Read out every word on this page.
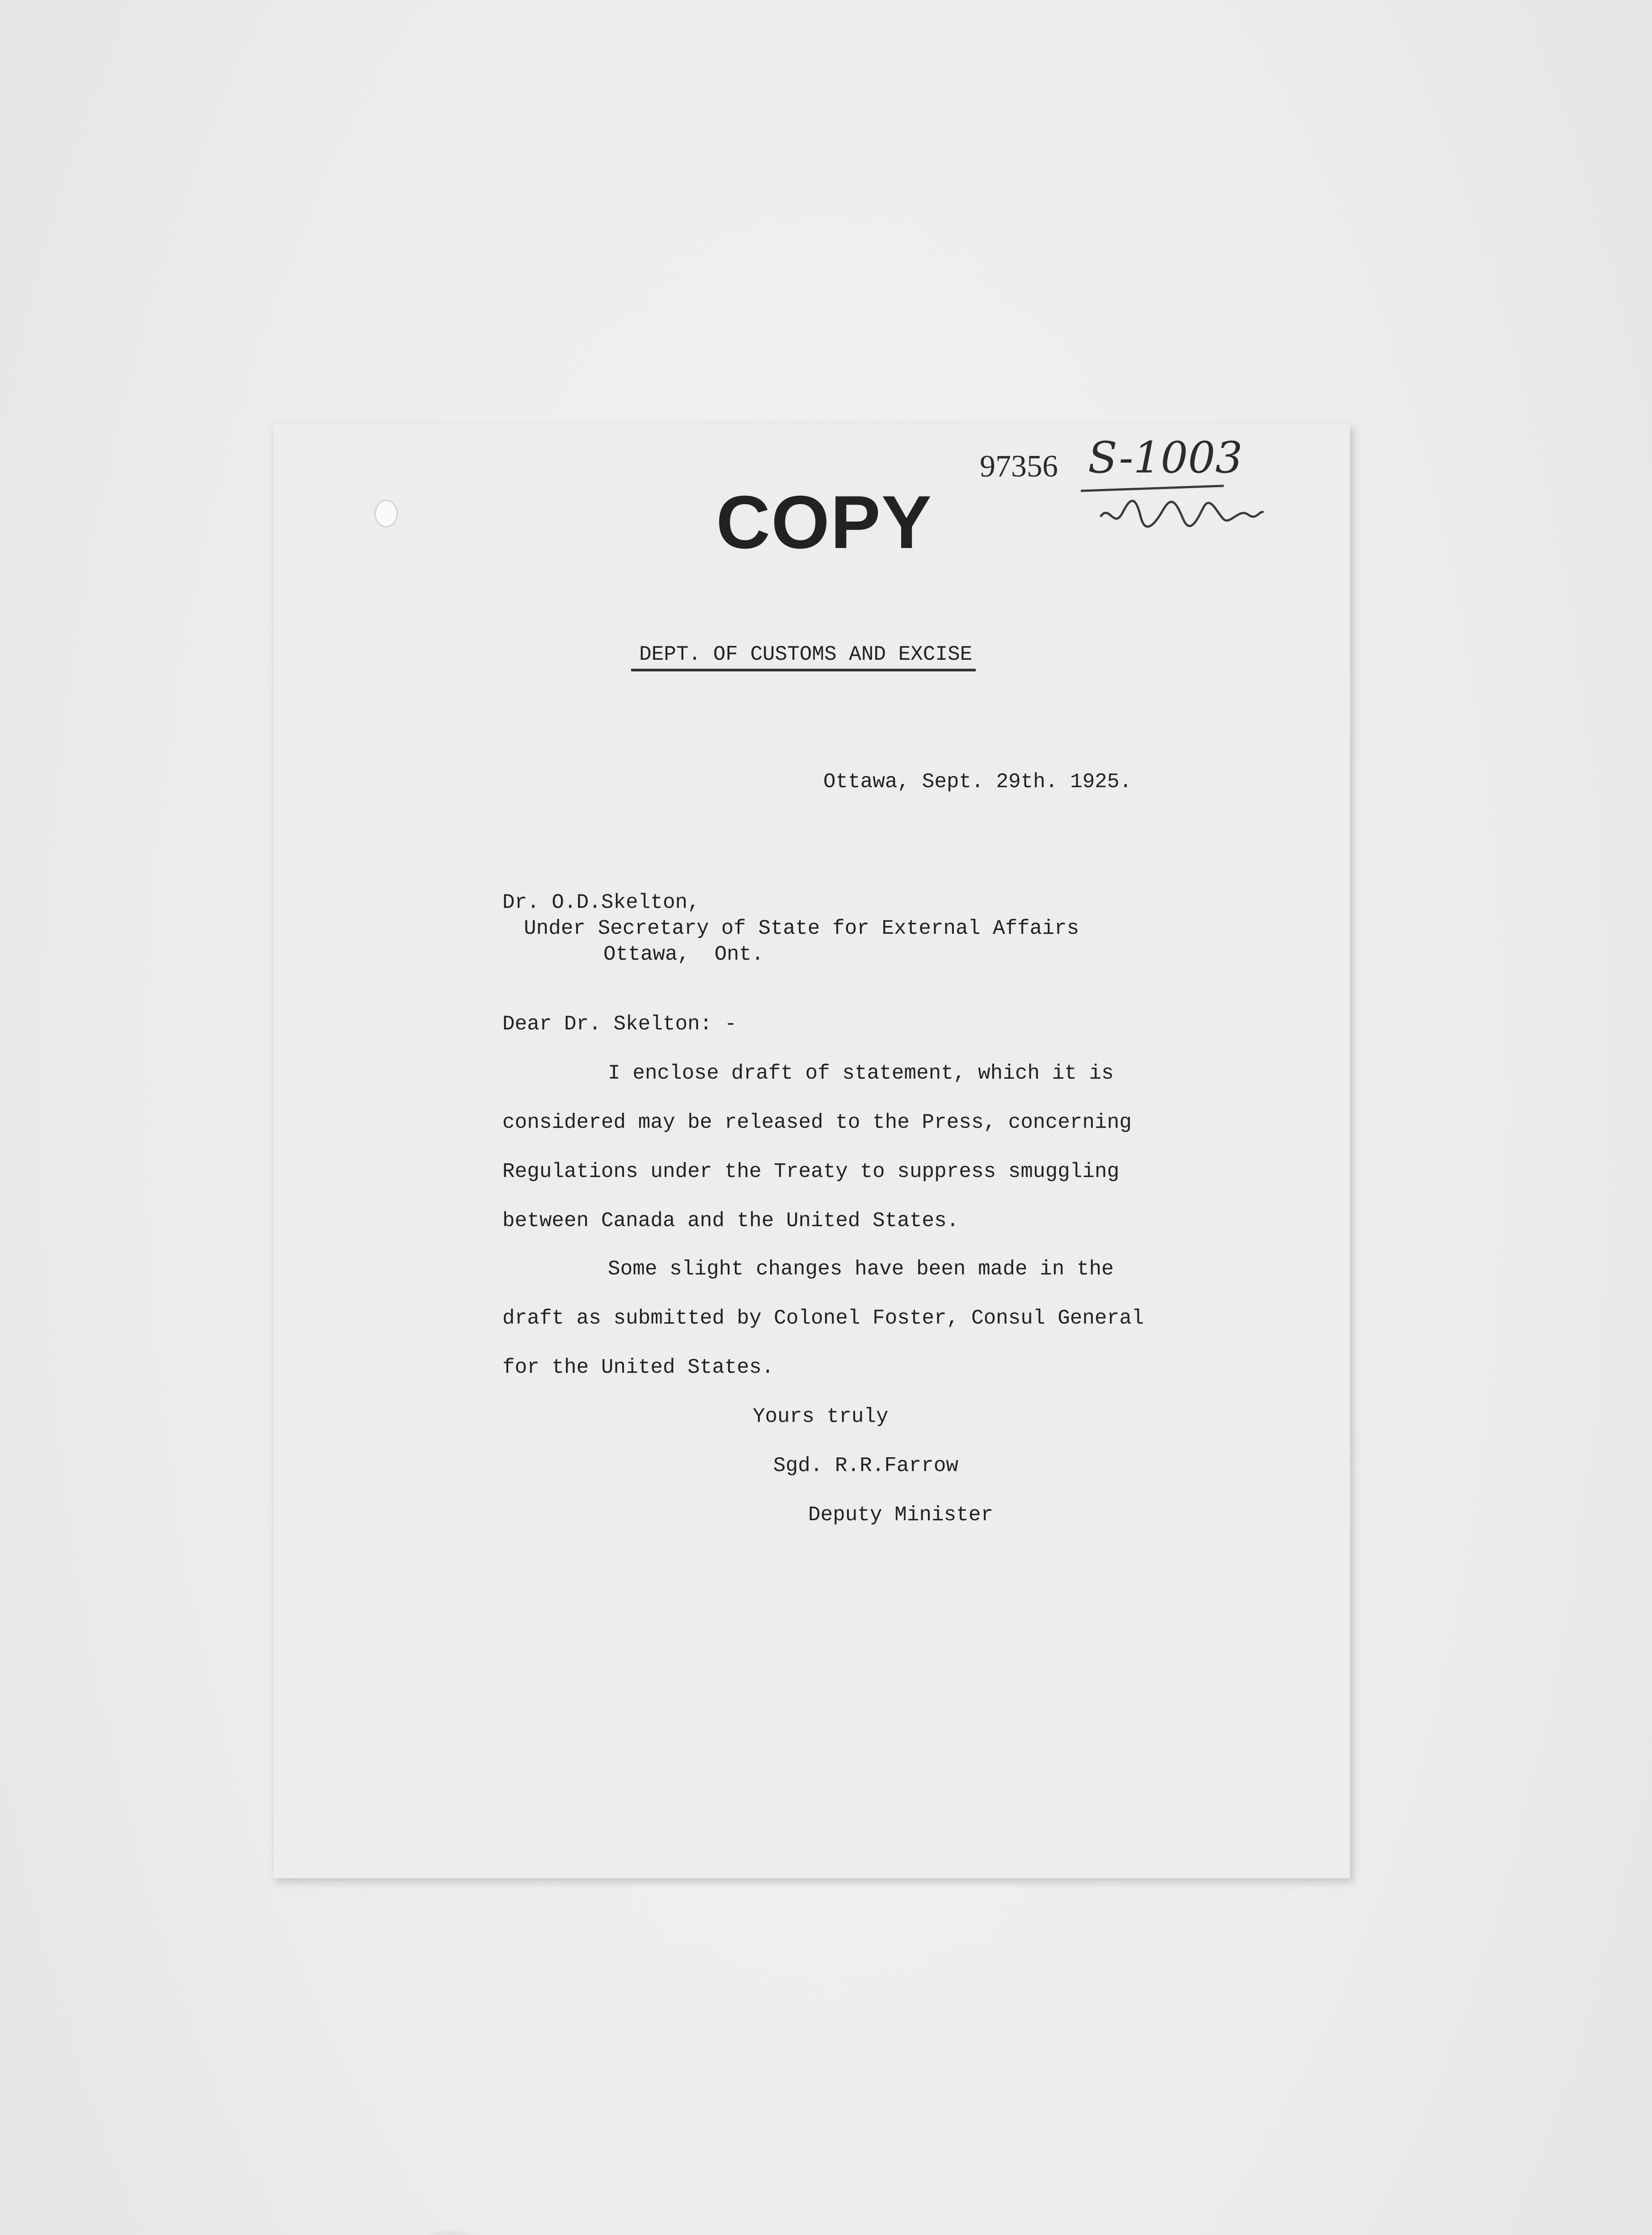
97356 S-1003
COPY
DEPT. OF CUSTOMS AND EXCISE
Ottawa, Sept. 29th. 1925.
Dr. O.D.Skelton,
Under Secretary of State for External Affairs
Ottawa,  Ont.
Dear Dr. Skelton: -
I enclose draft of statement, which it is
considered may be released to the Press, concerning
Regulations under the Treaty to suppress smuggling
between Canada and the United States.
Some slight changes have been made in the
draft as submitted by Colonel Foster, Consul General
for the United States.
Yours truly
Sgd. R.R.Farrow
Deputy Minister
